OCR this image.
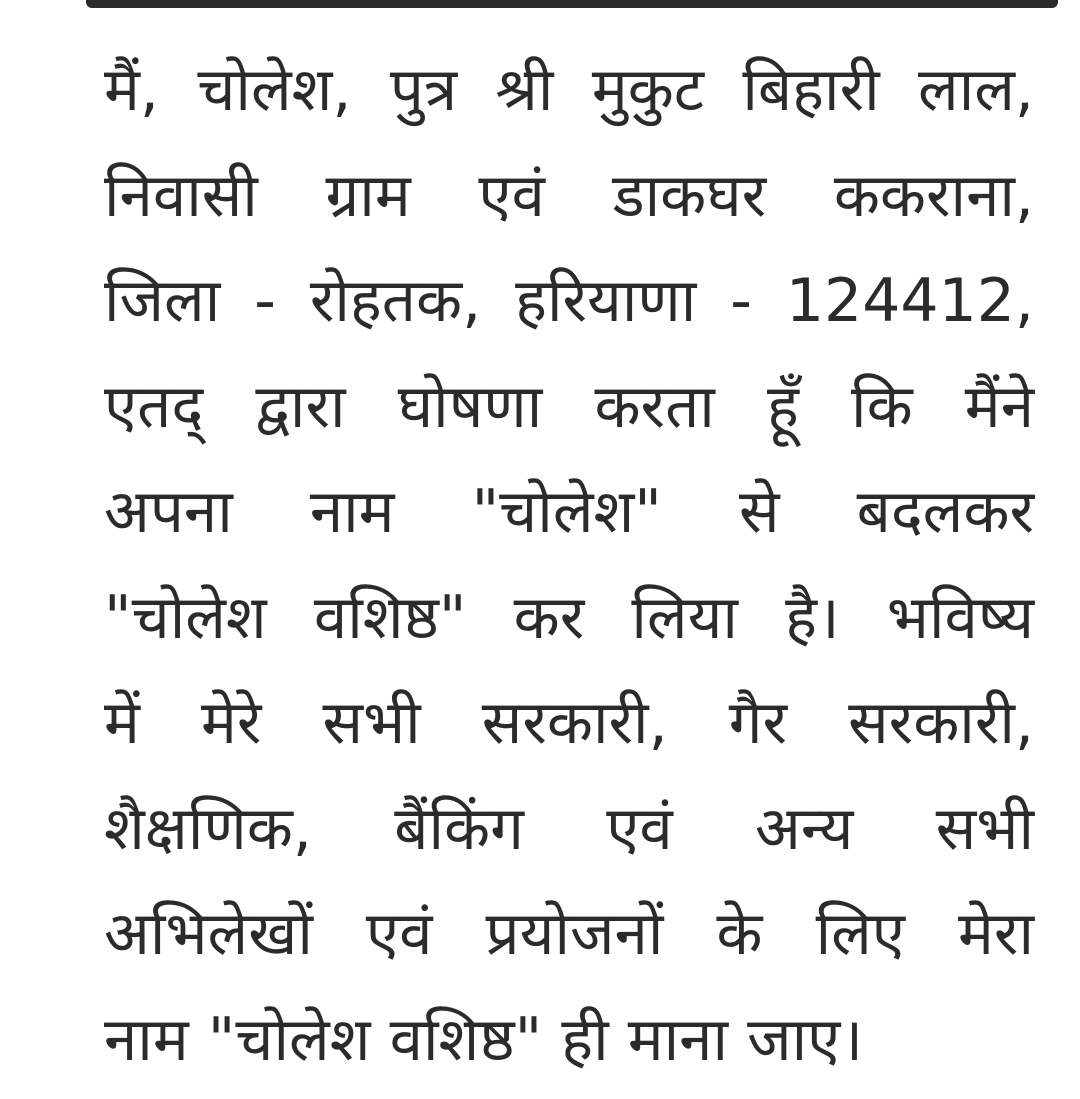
मैं, चोलेश, पुत्र श्री मुकुट बिहारी लाल,
निवासी ग्राम एवं डाकघर ककराना,
जिला - रोहतक, हरियाणा - 124412,
एतद् द्वारा घोषणा करता हूँ कि मैंने
अपना नाम "चोलेश" से बदलकर
"चोलेश वशिष्ठ" कर लिया है। भविष्य
में मेरे सभी सरकारी, गैर सरकारी,
शैक्षणिक, बैंकिंग एवं अन्य सभी
अभिलेखों एवं प्रयोजनों के लिए मेरा
नाम "चोलेश वशिष्ठ" ही माना जाए।
